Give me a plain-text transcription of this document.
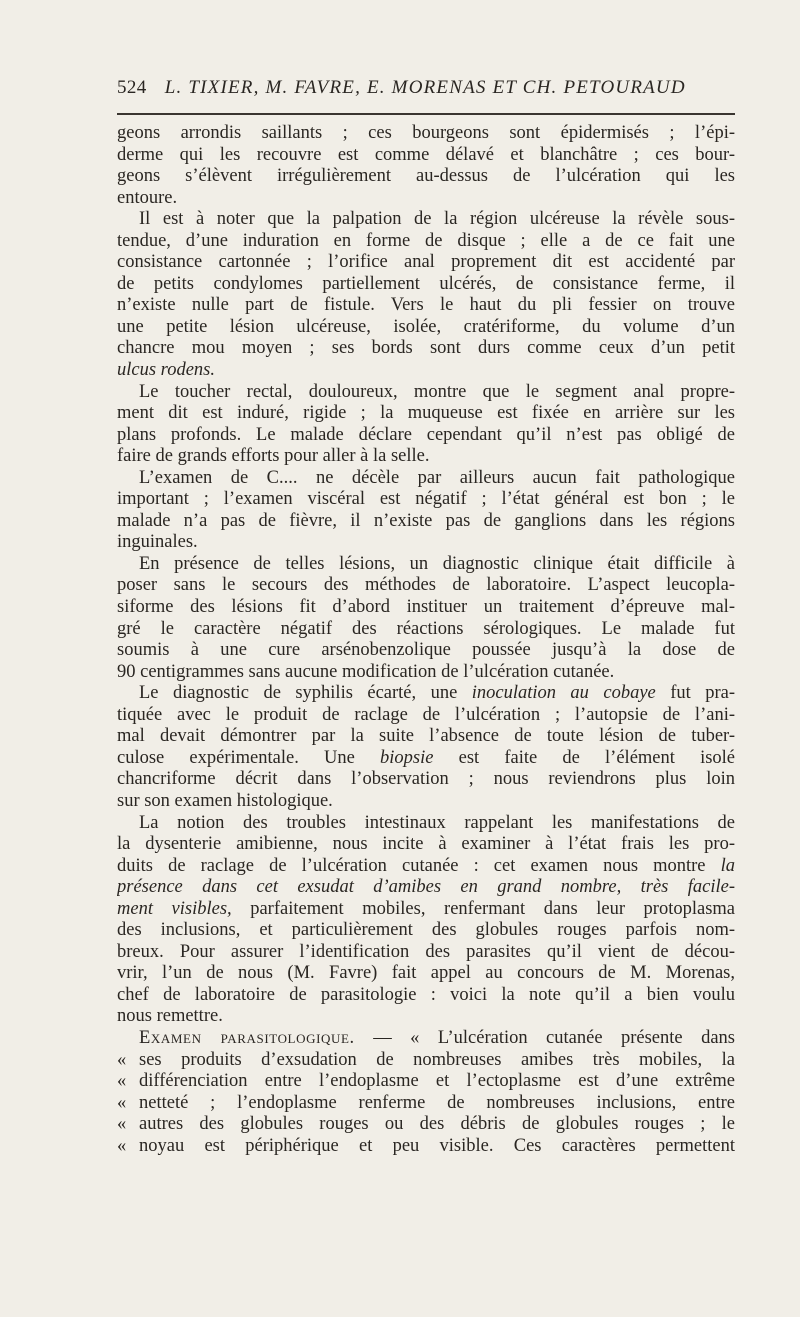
524 L. TIXIER, M. FAVRE, E. MORENAS ET CH. PETOURAUD
geons arrondis saillants ; ces bourgeons sont épidermisés ; l’épi-
derme qui les recouvre est comme délavé et blanchâtre ; ces bour-
geons s’élèvent irrégulièrement au-dessus de l’ulcération qui les
entoure.
Il est à noter que la palpation de la région ulcéreuse la révèle sous-
tendue, d’une induration en forme de disque ; elle a de ce fait une
consistance cartonnée ; l’orifice anal proprement dit est accidenté par
de petits condylomes partiellement ulcérés, de consistance ferme, il
n’existe nulle part de fistule. Vers le haut du pli fessier on trouve
une petite lésion ulcéreuse, isolée, cratériforme, du volume d’un
chancre mou moyen ; ses bords sont durs comme ceux d’un petit
ulcus rodens.
Le toucher rectal, douloureux, montre que le segment anal propre-
ment dit est induré, rigide ; la muqueuse est fixée en arrière sur les
plans profonds. Le malade déclare cependant qu’il n’est pas obligé de
faire de grands efforts pour aller à la selle.
L’examen de C.... ne décèle par ailleurs aucun fait pathologique
important ; l’examen viscéral est négatif ; l’état général est bon ; le
malade n’a pas de fièvre, il n’existe pas de ganglions dans les régions
inguinales.
En présence de telles lésions, un diagnostic clinique était difficile à
poser sans le secours des méthodes de laboratoire. L’aspect leucopla-
siforme des lésions fit d’abord instituer un traitement d’épreuve mal-
gré le caractère négatif des réactions sérologiques. Le malade fut
soumis à une cure arsénobenzolique poussée jusqu’à la dose de
90 centigrammes sans aucune modification de l’ulcération cutanée.
Le diagnostic de syphilis écarté, une inoculation au cobaye fut pra-
tiquée avec le produit de raclage de l’ulcération ; l’autopsie de l’ani-
mal devait démontrer par la suite l’absence de toute lésion de tuber-
culose expérimentale. Une biopsie est faite de l’élément isolé
chancriforme décrit dans l’observation ; nous reviendrons plus loin
sur son examen histologique.
La notion des troubles intestinaux rappelant les manifestations de
la dysenterie amibienne, nous incite à examiner à l’état frais les pro-
duits de raclage de l’ulcération cutanée : cet examen nous montre la
présence dans cet exsudat d’amibes en grand nombre, très facile-
ment visibles, parfaitement mobiles, renfermant dans leur protoplasma
des inclusions, et particulièrement des globules rouges parfois nom-
breux. Pour assurer l’identification des parasites qu’il vient de décou-
vrir, l’un de nous (M. Favre) fait appel au concours de M. Morenas,
chef de laboratoire de parasitologie : voici la note qu’il a bien voulu
nous remettre.
Examen parasitologique. — « L’ulcération cutanée présente dans
« ses produits d’exsudation de nombreuses amibes très mobiles, la
« différenciation entre l’endoplasme et l’ectoplasme est d’une extrême
« netteté ; l’endoplasme renferme de nombreuses inclusions, entre
« autres des globules rouges ou des débris de globules rouges ; le
« noyau est périphérique et peu visible. Ces caractères permettent
